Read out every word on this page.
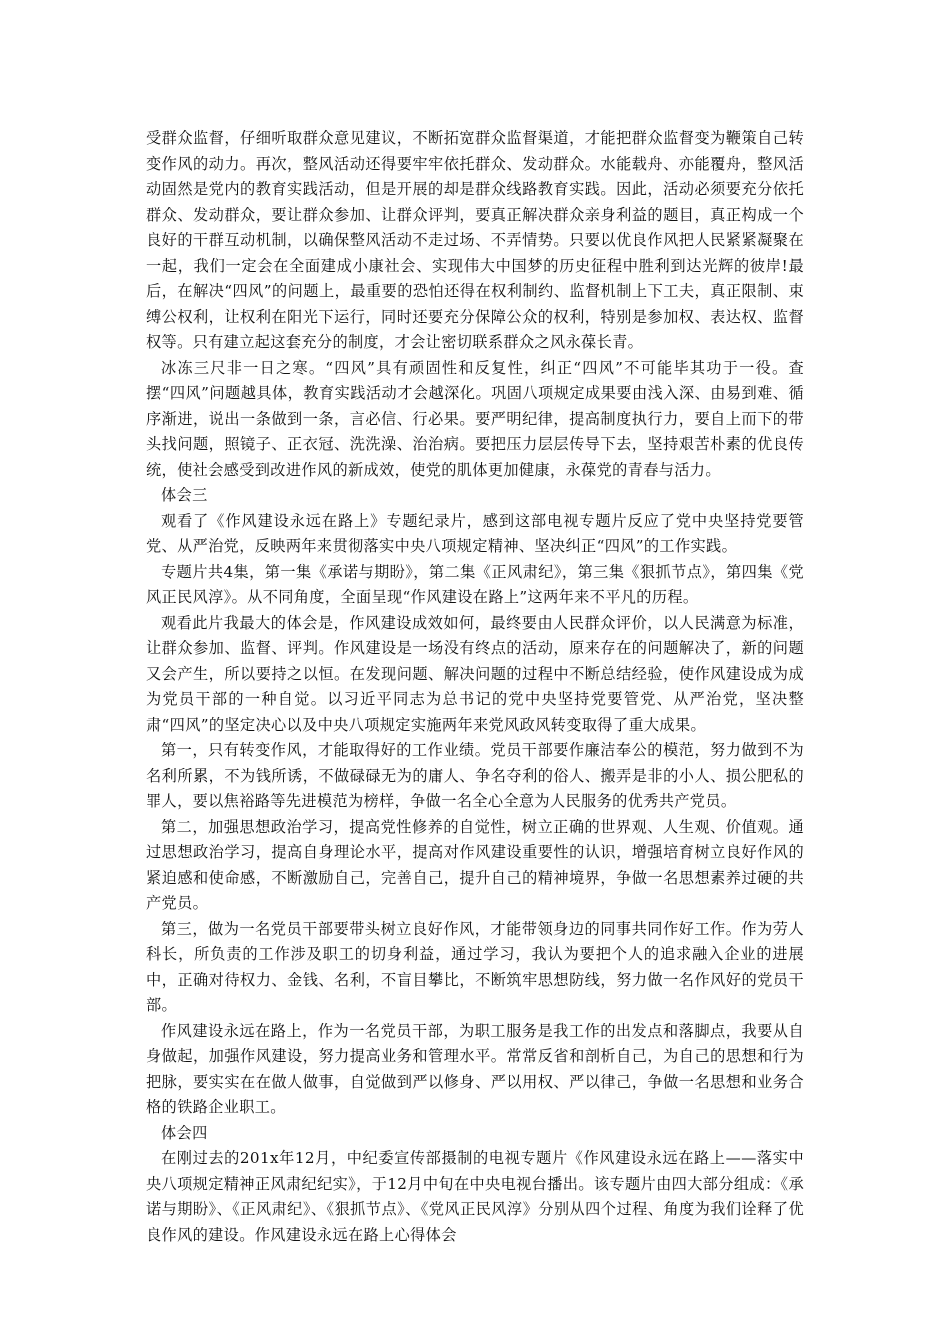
受群众监督，仔细听取群众意见建议，不断拓宽群众监督渠道，才能把群众监督变为鞭策自己转变作风的动力。再次，整风活动还得要牢牢依托群众、发动群众。水能载舟、亦能覆舟，整风活动固然是党内的教育实践活动，但是开展的却是群众线路教育实践。因此，活动必须要充分依托群众、发动群众，要让群众参加、让群众评判，要真正解决群众亲身利益的题目，真正构成一个良好的干群互动机制，以确保整风活动不走过场、不弄情势。只要以优良作风把人民紧紧凝聚在一起，我们一定会在全面建成小康社会、实现伟大中国梦的历史征程中胜利到达光辉的彼岸!最后，在解决“四风”的问题上，最重要的恐怕还得在权利制约、监督机制上下工夫，真正限制、束缚公权利，让权利在阳光下运行，同时还要充分保障公众的权利，特别是参加权、表达权、监督权等。只有建立起这套充分的制度，才会让密切联系群众之风永葆长青。

冰冻三尺非一日之寒。“四风”具有顽固性和反复性，纠正“四风”不可能毕其功于一役。查摆“四风”问题越具体，教育实践活动才会越深化。巩固八项规定成果要由浅入深、由易到难、循序渐进，说出一条做到一条，言必信、行必果。要严明纪律，提高制度执行力，要自上而下的带头找问题，照镜子、正衣冠、洗洗澡、治治病。要把压力层层传导下去，坚持艰苦朴素的优良传统，使社会感受到改进作风的新成效，使党的肌体更加健康，永葆党的青春与活力。

体会三

观看了《作风建设永远在路上》专题纪录片，感到这部电视专题片反应了党中央坚持党要管党、从严治党，反映两年来贯彻落实中央八项规定精神、坚决纠正“四风”的工作实践。

专题片共4集，第一集《承诺与期盼》，第二集《正风肃纪》，第三集《狠抓节点》，第四集《党风正民风淳》。从不同角度，全面呈现“作风建设在路上”这两年来不平凡的历程。

观看此片我最大的体会是，作风建设成效如何，最终要由人民群众评价，以人民满意为标准，让群众参加、监督、评判。作风建设是一场没有终点的活动，原来存在的问题解决了，新的问题又会产生，所以要持之以恒。在发现问题、解决问题的过程中不断总结经验，使作风建设成为成为党员干部的一种自觉。以习近平同志为总书记的党中央坚持党要管党、从严治党，坚决整肃“四风”的坚定决心以及中央八项规定实施两年来党风政风转变取得了重大成果。

第一，只有转变作风，才能取得好的工作业绩。党员干部要作廉洁奉公的模范，努力做到不为名利所累，不为钱所诱，不做碌碌无为的庸人、争名夺利的俗人、搬弄是非的小人、损公肥私的罪人，要以焦裕路等先进模范为榜样，争做一名全心全意为人民服务的优秀共产党员。

第二，加强思想政治学习，提高党性修养的自觉性，树立正确的世界观、人生观、价值观。通过思想政治学习，提高自身理论水平，提高对作风建设重要性的认识，增强培育树立良好作风的紧迫感和使命感，不断激励自己，完善自己，提升自己的精神境界，争做一名思想素养过硬的共产党员。

第三，做为一名党员干部要带头树立良好作风，才能带领身边的同事共同作好工作。作为劳人科长，所负责的工作涉及职工的切身利益，通过学习，我认为要把个人的追求融入企业的进展中，正确对待权力、金钱、名利，不盲目攀比，不断筑牢思想防线，努力做一名作风好的党员干部。

作风建设永远在路上，作为一名党员干部，为职工服务是我工作的出发点和落脚点，我要从自身做起，加强作风建设，努力提高业务和管理水平。常常反省和剖析自己，为自己的思想和行为把脉，要实实在在做人做事，自觉做到严以修身、严以用权、严以律己，争做一名思想和业务合格的铁路企业职工。

体会四

在刚过去的201x年12月，中纪委宣传部摄制的电视专题片《作风建设永远在路上——落实中央八项规定精神正风肃纪纪实》，于12月中旬在中央电视台播出。该专题片由四大部分组成：《承诺与期盼》、《正风肃纪》、《狠抓节点》、《党风正民风淳》分别从四个过程、角度为我们诠释了优良作风的建设。作风建设永远在路上心得体会
